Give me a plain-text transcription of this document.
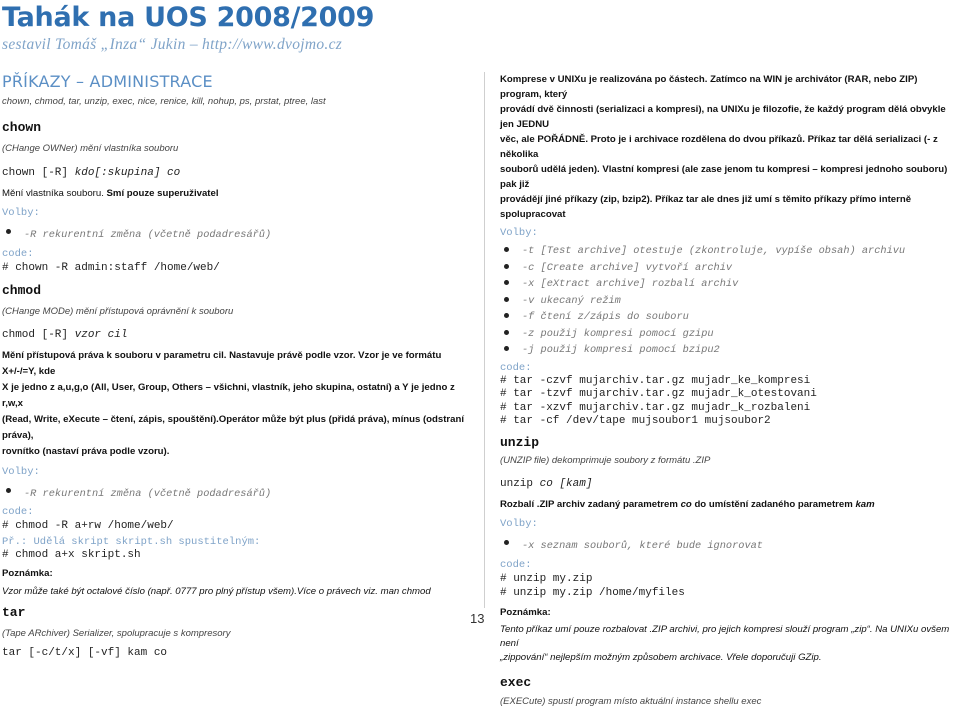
Tahák na UOS 2008/2009
sestavil Tomáš „Inza“ Jukin – http://www.dvojmo.cz
PŘÍKAZY – ADMINISTRACE
chown, chmod, tar, unzip, exec, nice, renice, kill, nohup, ps, prstat, ptree, last
chown
(CHange OWNer) mění vlastníka souboru
chown [-R] kdo[:skupina] co
Mění vlastníka souboru. Smí pouze superuživatel
Volby:
-R rekurentní změna (včetně podadresářů)
code:
# chown -R admin:staff /home/web/
chmod
(CHange MODe) mění přístupová oprávnění k souboru
chmod [-R] vzor cil
Mění přístupová práva k souboru v parametru cil. Nastavuje právě podle vzor. Vzor je ve formátu X+/-/=Y, kde
X je jedno z a,u,g,o (All, User, Group, Others – všichni, vlastník, jeho skupina, ostatní) a Y je jedno z r,w,x
(Read, Write, eXecute – čtení, zápis, spouštění).Operátor může být plus (přidá práva), mínus (odstraní práva),
rovnítko (nastaví práva podle vzoru).
Volby:
-R rekurentní změna (včetně podadresářů)
code:
# chmod -R a+rw /home/web/
Př.: Udělá skript skript.sh spustitelným:
# chmod a+x skript.sh
Poznámka:
Vzor může také být octalové číslo (např. 0777 pro plný přístup všem).Více o právech viz. man chmod
tar
(Tape ARchiver) Serializer, spolupracuje s kompresory
tar [-c/t/x] [-vf] kam co
Komprese v UNIXu je realizována po částech. Zatímco na WIN je archivátor (RAR, nebo ZIP) program, který
provádí dvě činnosti (serializaci a kompresi), na UNIXu je filozofie, že každý program dělá obvykle jen JEDNU
věc, ale POŘÁDNĚ. Proto je i archivace rozdělena do dvou příkazů. Příkaz tar dělá serializaci (- z několika
souborů udělá jeden). Vlastní kompresi (ale zase jenom tu kompresi – kompresi jednoho souboru) pak již
provádějí jiné příkazy (zip, bzip2). Příkaz tar ale dnes již umí s těmito příkazy přímo interně spolupracovat
Volby:
-t [Test archive] otestuje (zkontroluje, vypíše obsah) archivu
-c [Create archive] vytvoří archiv
-x [eXtract archive] rozbalí archiv
-v ukecaný režim
-f čtení z/zápis do souboru
-z použij kompresi pomocí gzipu
-j použij kompresi pomocí bzipu2
code:
# tar -czvf mujarchiv.tar.gz mujadr_ke_kompresi
# tar -tzvf mujarchiv.tar.gz mujadr_k_otestovani
# tar -xzvf mujarchiv.tar.gz mujadr_k_rozbaleni
# tar -cf /dev/tape mujsoubor1 mujsoubor2
unzip
(UNZIP file) dekomprimuje soubory z formátu .ZIP
unzip co [kam]
Rozbalí .ZIP archiv zadaný parametrem co do umístění zadaného parametrem kam
Volby:
-x seznam souborů, které bude ignorovat
code:
# unzip my.zip
# unzip my.zip /home/myfiles
Poznámka:
Tento příkaz umí pouze rozbalovat .ZIP archivi, pro jejich kompresi slouží program „zip“. Na UNIXu ovšem není
„zippování“ nejlepším možným způsobem archivace. Vřele doporučuji GZip.
exec
(EXECute) spustí program místo aktuální instance shellu exec
13
